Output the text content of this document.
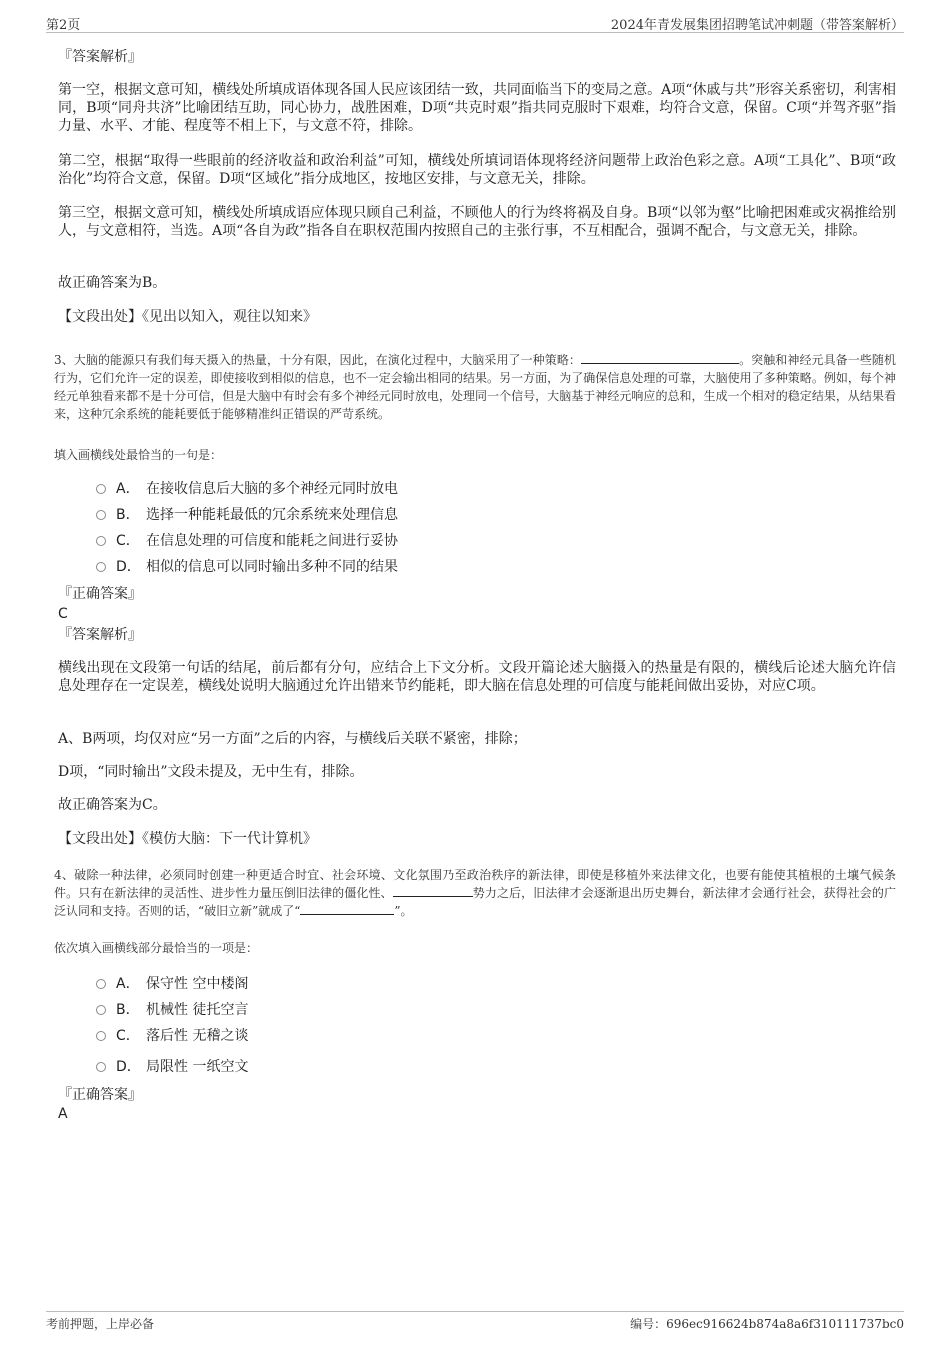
第2页	2024年青发展集团招聘笔试冲刺题（带答案解析）
『答案解析』

第一空，根据文意可知，横线处所填成语体现各国人民应该团结一致，共同面临当下的变局之意。A项“休戚与共”形容关系密切，利害相同，B项“同舟共济”比喻团结互助，同心协力，战胜困难，D项“共克时艰”指共同克服时下艰难，均符合文意，保留。C项“并驾齐驱”指力量、水平、才能、程度等不相上下，与文意不符，排除。

第二空，根据“取得一些眼前的经济收益和政治利益”可知，横线处所填词语体现将经济问题带上政治色彩之意。A项“工具化”、B项“政治化”均符合文意，保留。D项“区域化”指分成地区，按地区安排，与文意无关，排除。

第三空，根据文意可知，横线处所填成语应体现只顾自己利益，不顾他人的行为终将祸及自身。B项“以邻为壑”比喻把困难或灾祸推给别人，与文意相符，当选。A项“各自为政”指各自在职权范围内按照自己的主张行事，不互相配合，强调不配合，与文意无关，排除。

故正确答案为B。
【文段出处】《见出以知入，观往以知来》

3、大脑的能源只有我们每天摄入的热量，十分有限，因此，在演化过程中，大脑采用了一种策略：	。突触和神经元具备一些随机行为，它们允许一定的误差，即使接收到相似的信息，也不一定会输出相同的结果。另一方面，为了确保信息处理的可靠，大脑使用了多种策略。例如，每个神经元单独看来都不是十分可信，但是大脑中有时会有多个神经元同时放电，处理同一个信号，大脑基于神经元响应的总和，生成一个相对的稳定结果，从结果看来，这种冗余系统的能耗要低于能够精准纠正错误的严苛系统。

填入画横线处最恰当的一句是：
A． 在接收信息后大脑的多个神经元同时放电
B． 选择一种能耗最低的冗余系统来处理信息
C． 在信息处理的可信度和能耗之间进行妥协
D． 相似的信息可以同时输出多种不同的结果
『正确答案』
C
『答案解析』

横线出现在文段第一句话的结尾，前后都有分句，应结合上下文分析。文段开篇论述大脑摄入的热量是有限的，横线后论述大脑允许信息处理存在一定误差，横线处说明大脑通过允许出错来节约能耗，即大脑在信息处理的可信度与能耗间做出妥协，对应C项。

A、B两项，均仅对应“另一方面”之后的内容，与横线后关联不紧密，排除；
D项，“同时输出”文段未提及，无中生有，排除。
故正确答案为C。
【文段出处】《模仿大脑：下一代计算机》

4、破除一种法律，必须同时创建一种更适合时宜、社会环境、文化氛围乃至政治秩序的新法律，即使是移植外来法律文化，也要有能使其植根的土壤气候条件。只有在新法律的灵活性、进步性力量压倒旧法律的僵化性、	势力之后，旧法律才会逐渐退出历史舞台，新法律才会通行社会，获得社会的广泛认同和支持。否则的话，“破旧立新”就成了“	”。

依次填入画横线部分最恰当的一项是：
A． 保守性 空中楼阁
B． 机械性 徒托空言
C． 落后性 无稽之谈
D． 局限性 一纸空文
『正确答案』
A
考前押题，上岸必备	编号：696ec916624b874a8a6f310111737bc0
